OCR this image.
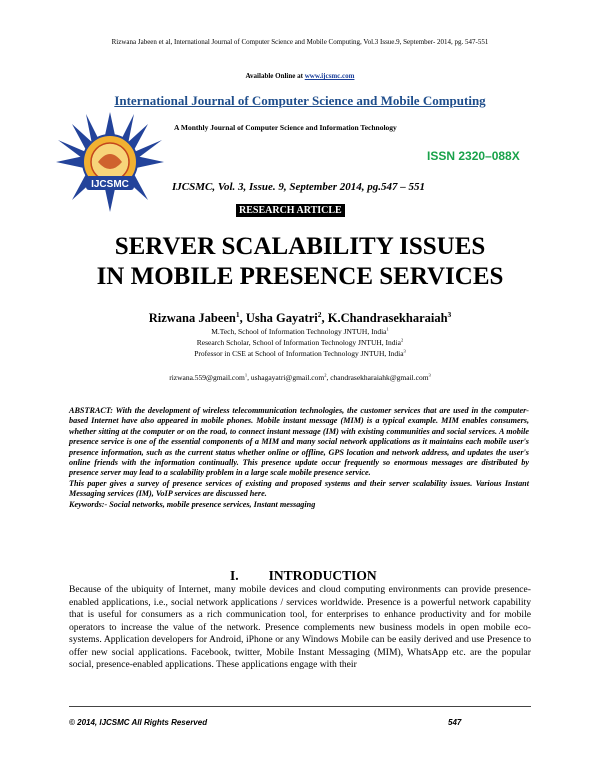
Rizwana Jabeen et al, International Journal of Computer Science and Mobile Computing, Vol.3 Issue.9, September- 2014, pg. 547-551
Available Online at www.ijcsmc.com
International Journal of Computer Science and Mobile Computing
A Monthly Journal of Computer Science and Information Technology
IJCSMC
ISSN 2320–088X
IJCSMC, Vol. 3, Issue. 9, September 2014, pg.547 – 551
RESEARCH ARTICLE
SERVER SCALABILITY ISSUES
IN MOBILE PRESENCE SERVICES
Rizwana Jabeen$^1$, Usha Gayatri$^2$, K.Chandrasekharaiah$^3$
M.Tech, School of Information Technology JNTUH, India$^1$
Research Scholar, School of Information Technology JNTUH, India$^2$
Professor in CSE at School of Information Technology JNTUH, India$^3$
rizwana.559@gmail.com$^1$, ushagayatri@gmail.com$^2$, chandrasekharaiahk@gmail.com$^3$

ABSTRACT: With the development of wireless telecommunication technologies, the customer services that are used in the computer-based Internet have also appeared in mobile phones. Mobile instant message (MIM) is a typical example. MIM enables consumers, whether sitting at the computer or on the road, to connect instant message (IM) with existing communities and social services. A mobile presence service is one of the essential components of a MIM and many social network applications as it maintains each mobile user's presence information, such as the current status whether online or offline, GPS location and network address, and updates the user's online friends with the information continually. This presence update occur frequently so enormous messages are distributed by presence server may lead to a scalability problem in a large scale mobile presence service.

This paper gives a survey of presence services of existing and proposed systems and their server scalability issues. Various Instant Messaging services (IM), VoIP services are discussed here.

Keywords:- Social networks, mobile presence services, Instant messaging

I. INTRODUCTION

Because of the ubiquity of Internet, many mobile devices and cloud computing environments can provide presence- enabled applications, i.e., social network applications / services worldwide. Presence is a powerful network capability that is useful for consumers as a rich communication tool, for enterprises to enhance productivity and for mobile operators to increase the value of the network. Presence complements new business models in open mobile eco-systems. Application developers for Android, iPhone or any Windows Mobile can be easily derived and use Presence to offer new social applications. Facebook, twitter, Mobile Instant Messaging (MIM), WhatsApp etc. are the popular social, presence-enabled applications. These applications engage with their

© 2014, IJCSMC All Rights Reserved	547
